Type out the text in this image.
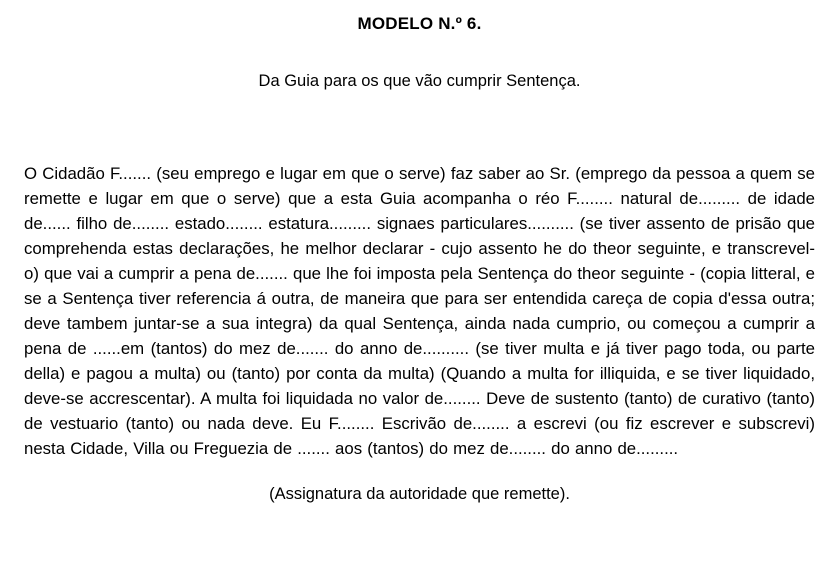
MODELO N.º 6.

Da Guia para os que vão cumprir Sentença.

O Cidadão F....... (seu emprego e lugar em que o serve) faz saber ao Sr. (emprego da pessoa a quem se remette e lugar em que o serve) que a esta Guia acompanha o réo F........ natural de......... de idade de...... filho de........ estado........ estatura......... signaes particulares.......... (se tiver assento de prisão que comprehenda estas declarações, he melhor declarar - cujo assento he do theor seguinte, e transcrevel-o) que vai a cumprir a pena de....... que lhe foi imposta pela Sentença do theor seguinte - (copia litteral, e se a Sentença tiver referencia á outra, de maneira que para ser entendida careça de copia d'essa outra; deve tambem juntar-se a sua integra) da qual Sentença, ainda nada cumprio, ou começou a cumprir a pena de ......em (tantos) do mez de....... do anno de.......... (se tiver multa e já tiver pago toda, ou parte della) e pagou a multa) ou (tanto) por conta da multa) (Quando a multa for illiquida, e se tiver liquidado, deve-se accrescentar). A multa foi liquidada no valor de........ Deve de sustento (tanto) de curativo (tanto) de vestuario (tanto) ou nada deve. Eu F........ Escrivão de........ a escrevi (ou fiz escrever e subscrevi) nesta Cidade, Villa ou Freguezia de ....... aos (tantos) do mez de........ do anno de.........

(Assignatura da autoridade que remette).
